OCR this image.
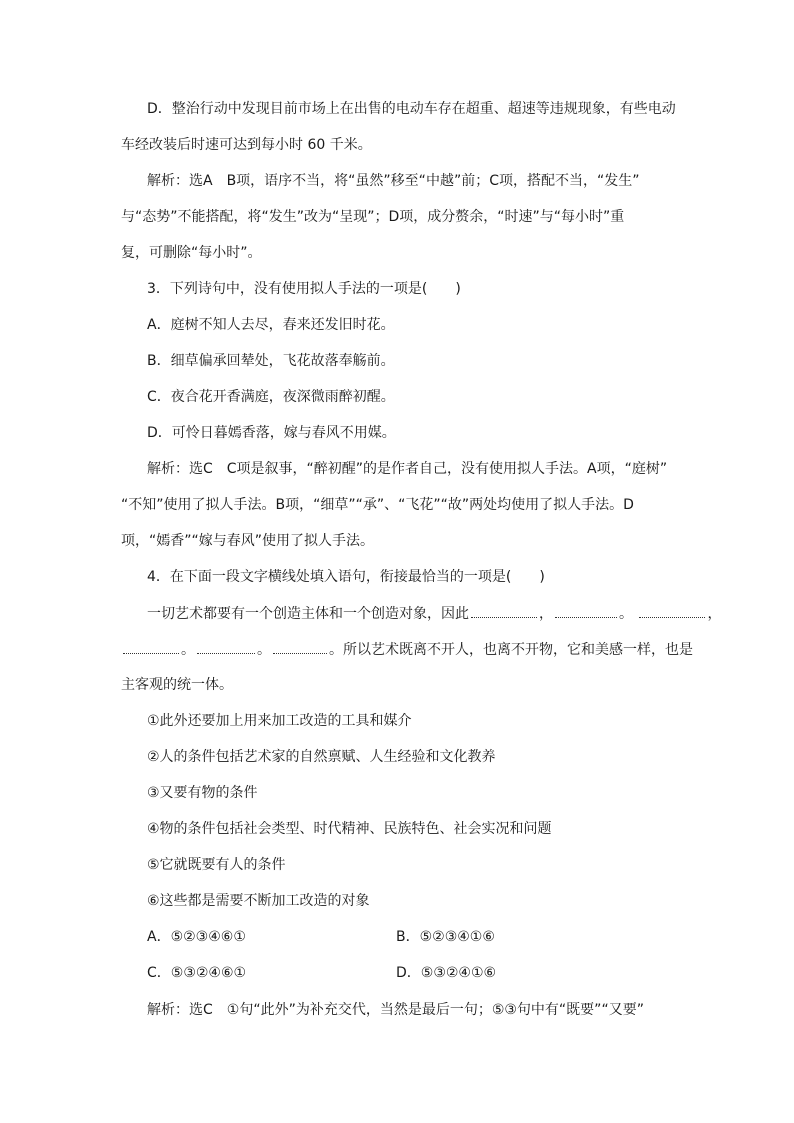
D．整治行动中发现目前市场上在出售的电动车存在超重、超速等违规现象，有些电动
车经改装后时速可达到每小时 60 千米。
解析：选A　B项，语序不当，将“虽然”移至“中越”前；C项，搭配不当，“发生”
与“态势”不能搭配，将“发生”改为“呈现”；D项，成分赘余，“时速”与“每小时”重
复，可删除“每小时”。
3．下列诗句中，没有使用拟人手法的一项是(　　)
A．庭树不知人去尽，春来还发旧时花。
B．细草偏承回辇处，飞花故落奉觞前。
C．夜合花开香满庭，夜深微雨醉初醒。
D．可怜日暮嫣香落，嫁与春风不用媒。
解析：选C　C项是叙事，“醉初醒”的是作者自己，没有使用拟人手法。A项，“庭树”
“不知”使用了拟人手法。B项，“细草”“承”、“飞花”“故”两处均使用了拟人手法。D
项，“嫣香”“嫁与春风”使用了拟人手法。
4．在下面一段文字横线处填入语句，衔接最恰当的一项是(　　)
一切艺术都要有一个创造主体和一个创造对象，因此	，	。	，
。	。	。所以艺术既离不开人，也离不开物，它和美感一样，也是
主客观的统一体。
①此外还要加上用来加工改造的工具和媒介
②人的条件包括艺术家的自然禀赋、人生经验和文化教养
③又要有物的条件
④物的条件包括社会类型、时代精神、民族特色、社会实况和问题
⑤它就既要有人的条件
⑥这些都是需要不断加工改造的对象
A．⑤②③④⑥①	B．⑤②③④①⑥
C．⑤③②④⑥①	D．⑤③②④①⑥
解析：选C　①句“此外”为补充交代，当然是最后一句；⑤③句中有“既要”“又要”
